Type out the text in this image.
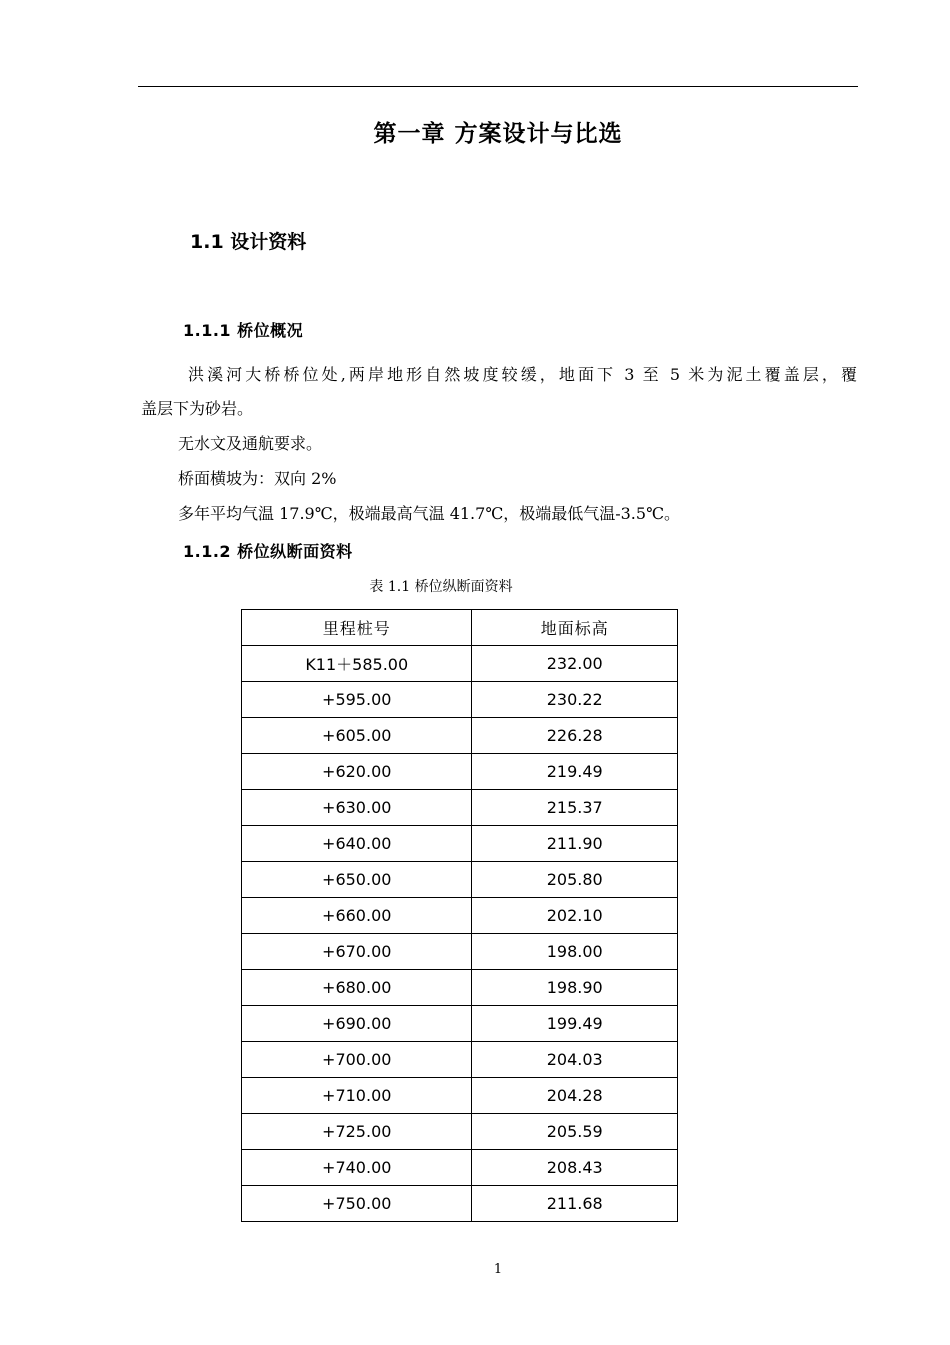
第一章 方案设计与比选
1.1 设计资料
1.1.1 桥位概况
洪溪河大桥桥位处,两岸地形自然坡度较缓，地面下 3 至 5 米为泥土覆盖层，覆
盖层下为砂岩。
无水文及通航要求。
桥面横坡为：双向 2%
多年平均气温 17.9℃，极端最高气温 41.7℃，极端最低气温-3.5℃。
1.1.2 桥位纵断面资料
表 1.1 桥位纵断面资料
里程桩号	地面标高
K11＋585.00	232.00
+595.00	230.22
+605.00	226.28
+620.00	219.49
+630.00	215.37
+640.00	211.90
+650.00	205.80
+660.00	202.10
+670.00	198.00
+680.00	198.90
+690.00	199.49
+700.00	204.03
+710.00	204.28
+725.00	205.59
+740.00	208.43
+750.00	211.68
1
